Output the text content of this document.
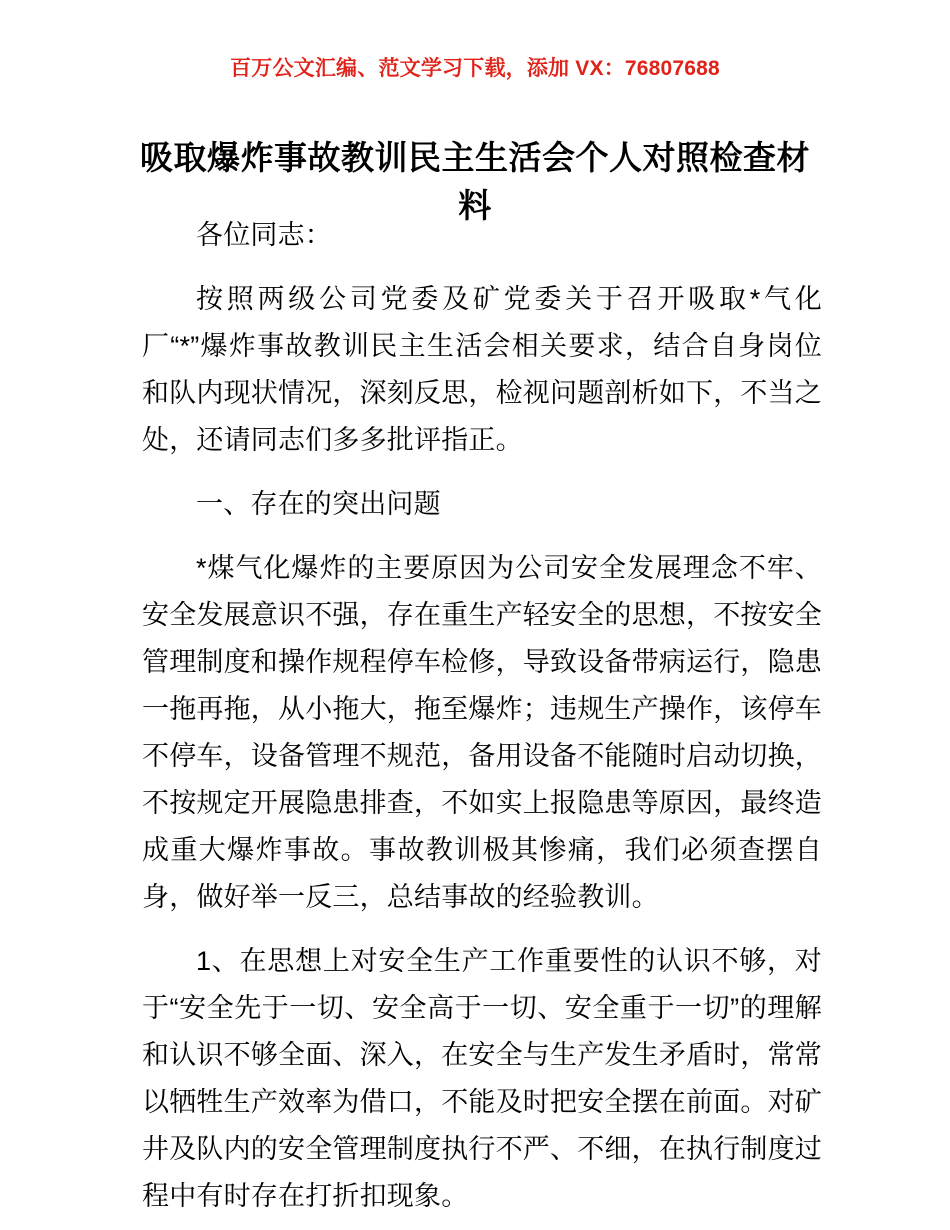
百万公文汇编、范文学习下载，添加 VX：76807688
吸取爆炸事故教训民主生活会个人对照检查材料

各位同志：

按照两级公司党委及矿党委关于召开吸取*气化厂“*”爆炸事故教训民主生活会相关要求，结合自身岗位和队内现状情况，深刻反思，检视问题剖析如下，不当之处，还请同志们多多批评指正。

一、存在的突出问题

*煤气化爆炸的主要原因为公司安全发展理念不牢、安全发展意识不强，存在重生产轻安全的思想，不按安全管理制度和操作规程停车检修，导致设备带病运行，隐患一拖再拖，从小拖大，拖至爆炸；违规生产操作，该停车不停车，设备管理不规范，备用设备不能随时启动切换，不按规定开展隐患排查，不如实上报隐患等原因，最终造成重大爆炸事故。事故教训极其惨痛，我们必须查摆自身，做好举一反三，总结事故的经验教训。

1、在思想上对安全生产工作重要性的认识不够，对于“安全先于一切、安全高于一切、安全重于一切”的理解和认识不够全面、深入，在安全与生产发生矛盾时，常常以牺牲生产效率为借口，不能及时把安全摆在前面。对矿井及队内的安全管理制度执行不严、不细，在执行制度过程中有时存在打折扣现象。
